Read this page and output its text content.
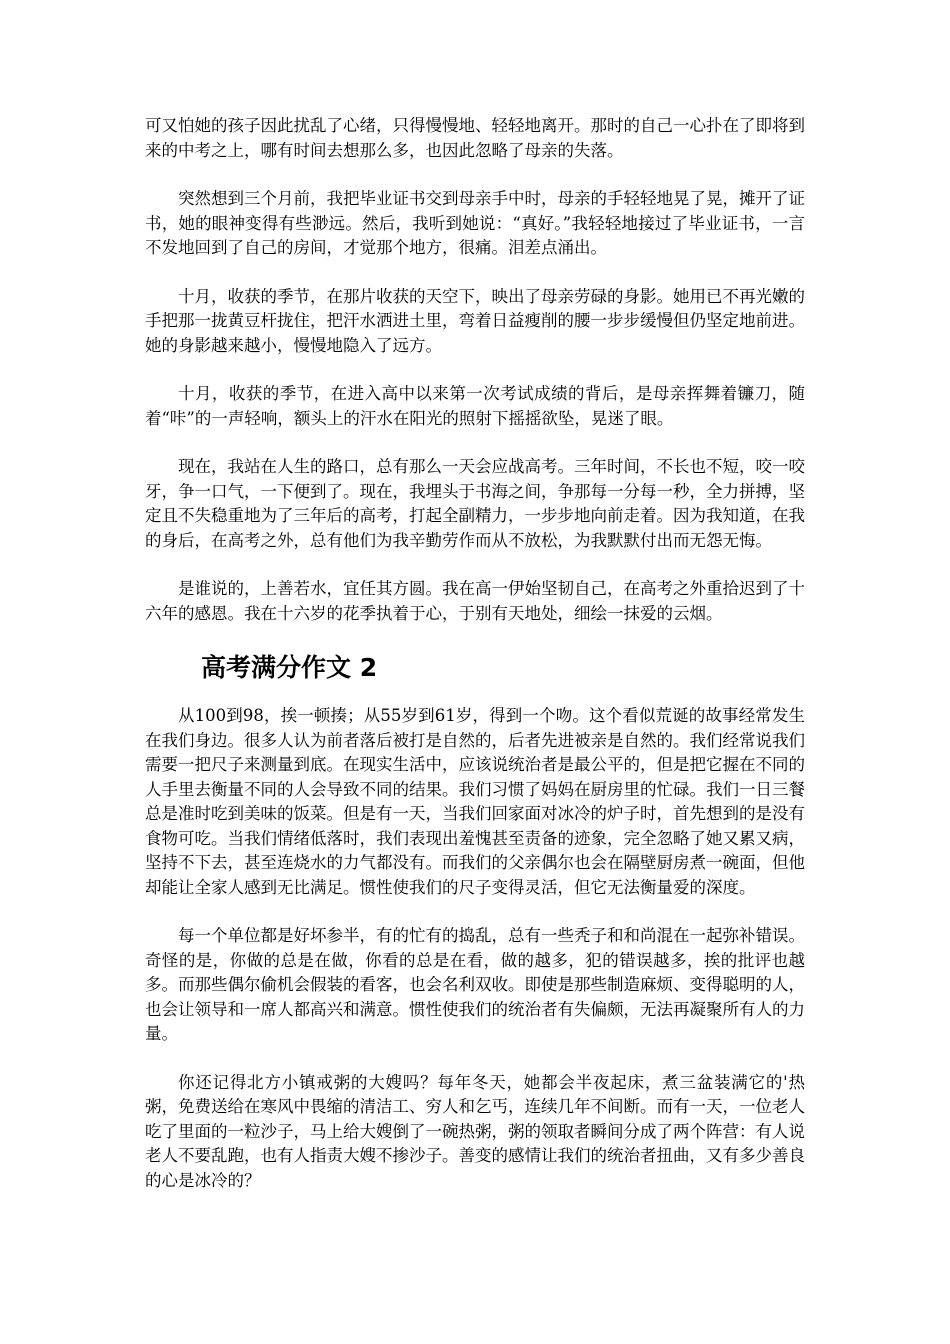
可又怕她的孩子因此扰乱了心绪，只得慢慢地、轻轻地离开。那时的自己一心扑在了即将到来的中考之上，哪有时间去想那么多，也因此忽略了母亲的失落。

突然想到三个月前，我把毕业证书交到母亲手中时，母亲的手轻轻地晃了晃，摊开了证书，她的眼神变得有些渺远。然后，我听到她说：“真好。”我轻轻地接过了毕业证书，一言不发地回到了自己的房间，才觉那个地方，很痛。泪差点涌出。

十月，收获的季节，在那片收获的天空下，映出了母亲劳碌的身影。她用已不再光嫩的手把那一拢黄豆杆拢住，把汗水洒进土里，弯着日益瘦削的腰一步步缓慢但仍坚定地前进。她的身影越来越小，慢慢地隐入了远方。

十月，收获的季节，在进入高中以来第一次考试成绩的背后，是母亲挥舞着镰刀，随着“咔”的一声轻响，额头上的汗水在阳光的照射下摇摇欲坠，晃迷了眼。

现在，我站在人生的路口，总有那么一天会应战高考。三年时间，不长也不短，咬一咬牙，争一口气，一下便到了。现在，我埋头于书海之间，争那每一分每一秒，全力拼搏，坚定且不失稳重地为了三年后的高考，打起全副精力，一步步地向前走着。因为我知道，在我的身后，在高考之外，总有他们为我辛勤劳作而从不放松，为我默默付出而无怨无悔。

是谁说的，上善若水，宜任其方圆。我在高一伊始坚韧自己，在高考之外重拾迟到了十六年的感恩。我在十六岁的花季执着于心，于别有天地处，细绘一抹爱的云烟。

高考满分作文 2

从100到98，挨一顿揍；从55岁到61岁，得到一个吻。这个看似荒诞的故事经常发生在我们身边。很多人认为前者落后被打是自然的，后者先进被亲是自然的。我们经常说我们需要一把尺子来测量到底。在现实生活中，应该说统治者是最公平的，但是把它握在不同的人手里去衡量不同的人会导致不同的结果。我们习惯了妈妈在厨房里的忙碌。我们一日三餐总是准时吃到美味的饭菜。但是有一天，当我们回家面对冰冷的炉子时，首先想到的是没有食物可吃。当我们情绪低落时，我们表现出羞愧甚至责备的迹象，完全忽略了她又累又病，坚持不下去，甚至连烧水的力气都没有。而我们的父亲偶尔也会在隔壁厨房煮一碗面，但他却能让全家人感到无比满足。惯性使我们的尺子变得灵活，但它无法衡量爱的深度。

每一个单位都是好坏参半，有的忙有的捣乱，总有一些秃子和和尚混在一起弥补错误。奇怪的是，你做的总是在做，你看的总是在看，做的越多，犯的错误越多，挨的批评也越多。而那些偶尔偷机会假装的看客，也会名利双收。即使是那些制造麻烦、变得聪明的人，也会让领导和一席人都高兴和满意。惯性使我们的统治者有失偏颇，无法再凝聚所有人的力量。

你还记得北方小镇戒粥的大嫂吗？每年冬天，她都会半夜起床，煮三盆装满它的'热粥，免费送给在寒风中畏缩的清洁工、穷人和乞丐，连续几年不间断。而有一天，一位老人吃了里面的一粒沙子，马上给大嫂倒了一碗热粥，粥的领取者瞬间分成了两个阵营：有人说老人不要乱跑，也有人指责大嫂不掺沙子。善变的感情让我们的统治者扭曲，又有多少善良的心是冰冷的？
